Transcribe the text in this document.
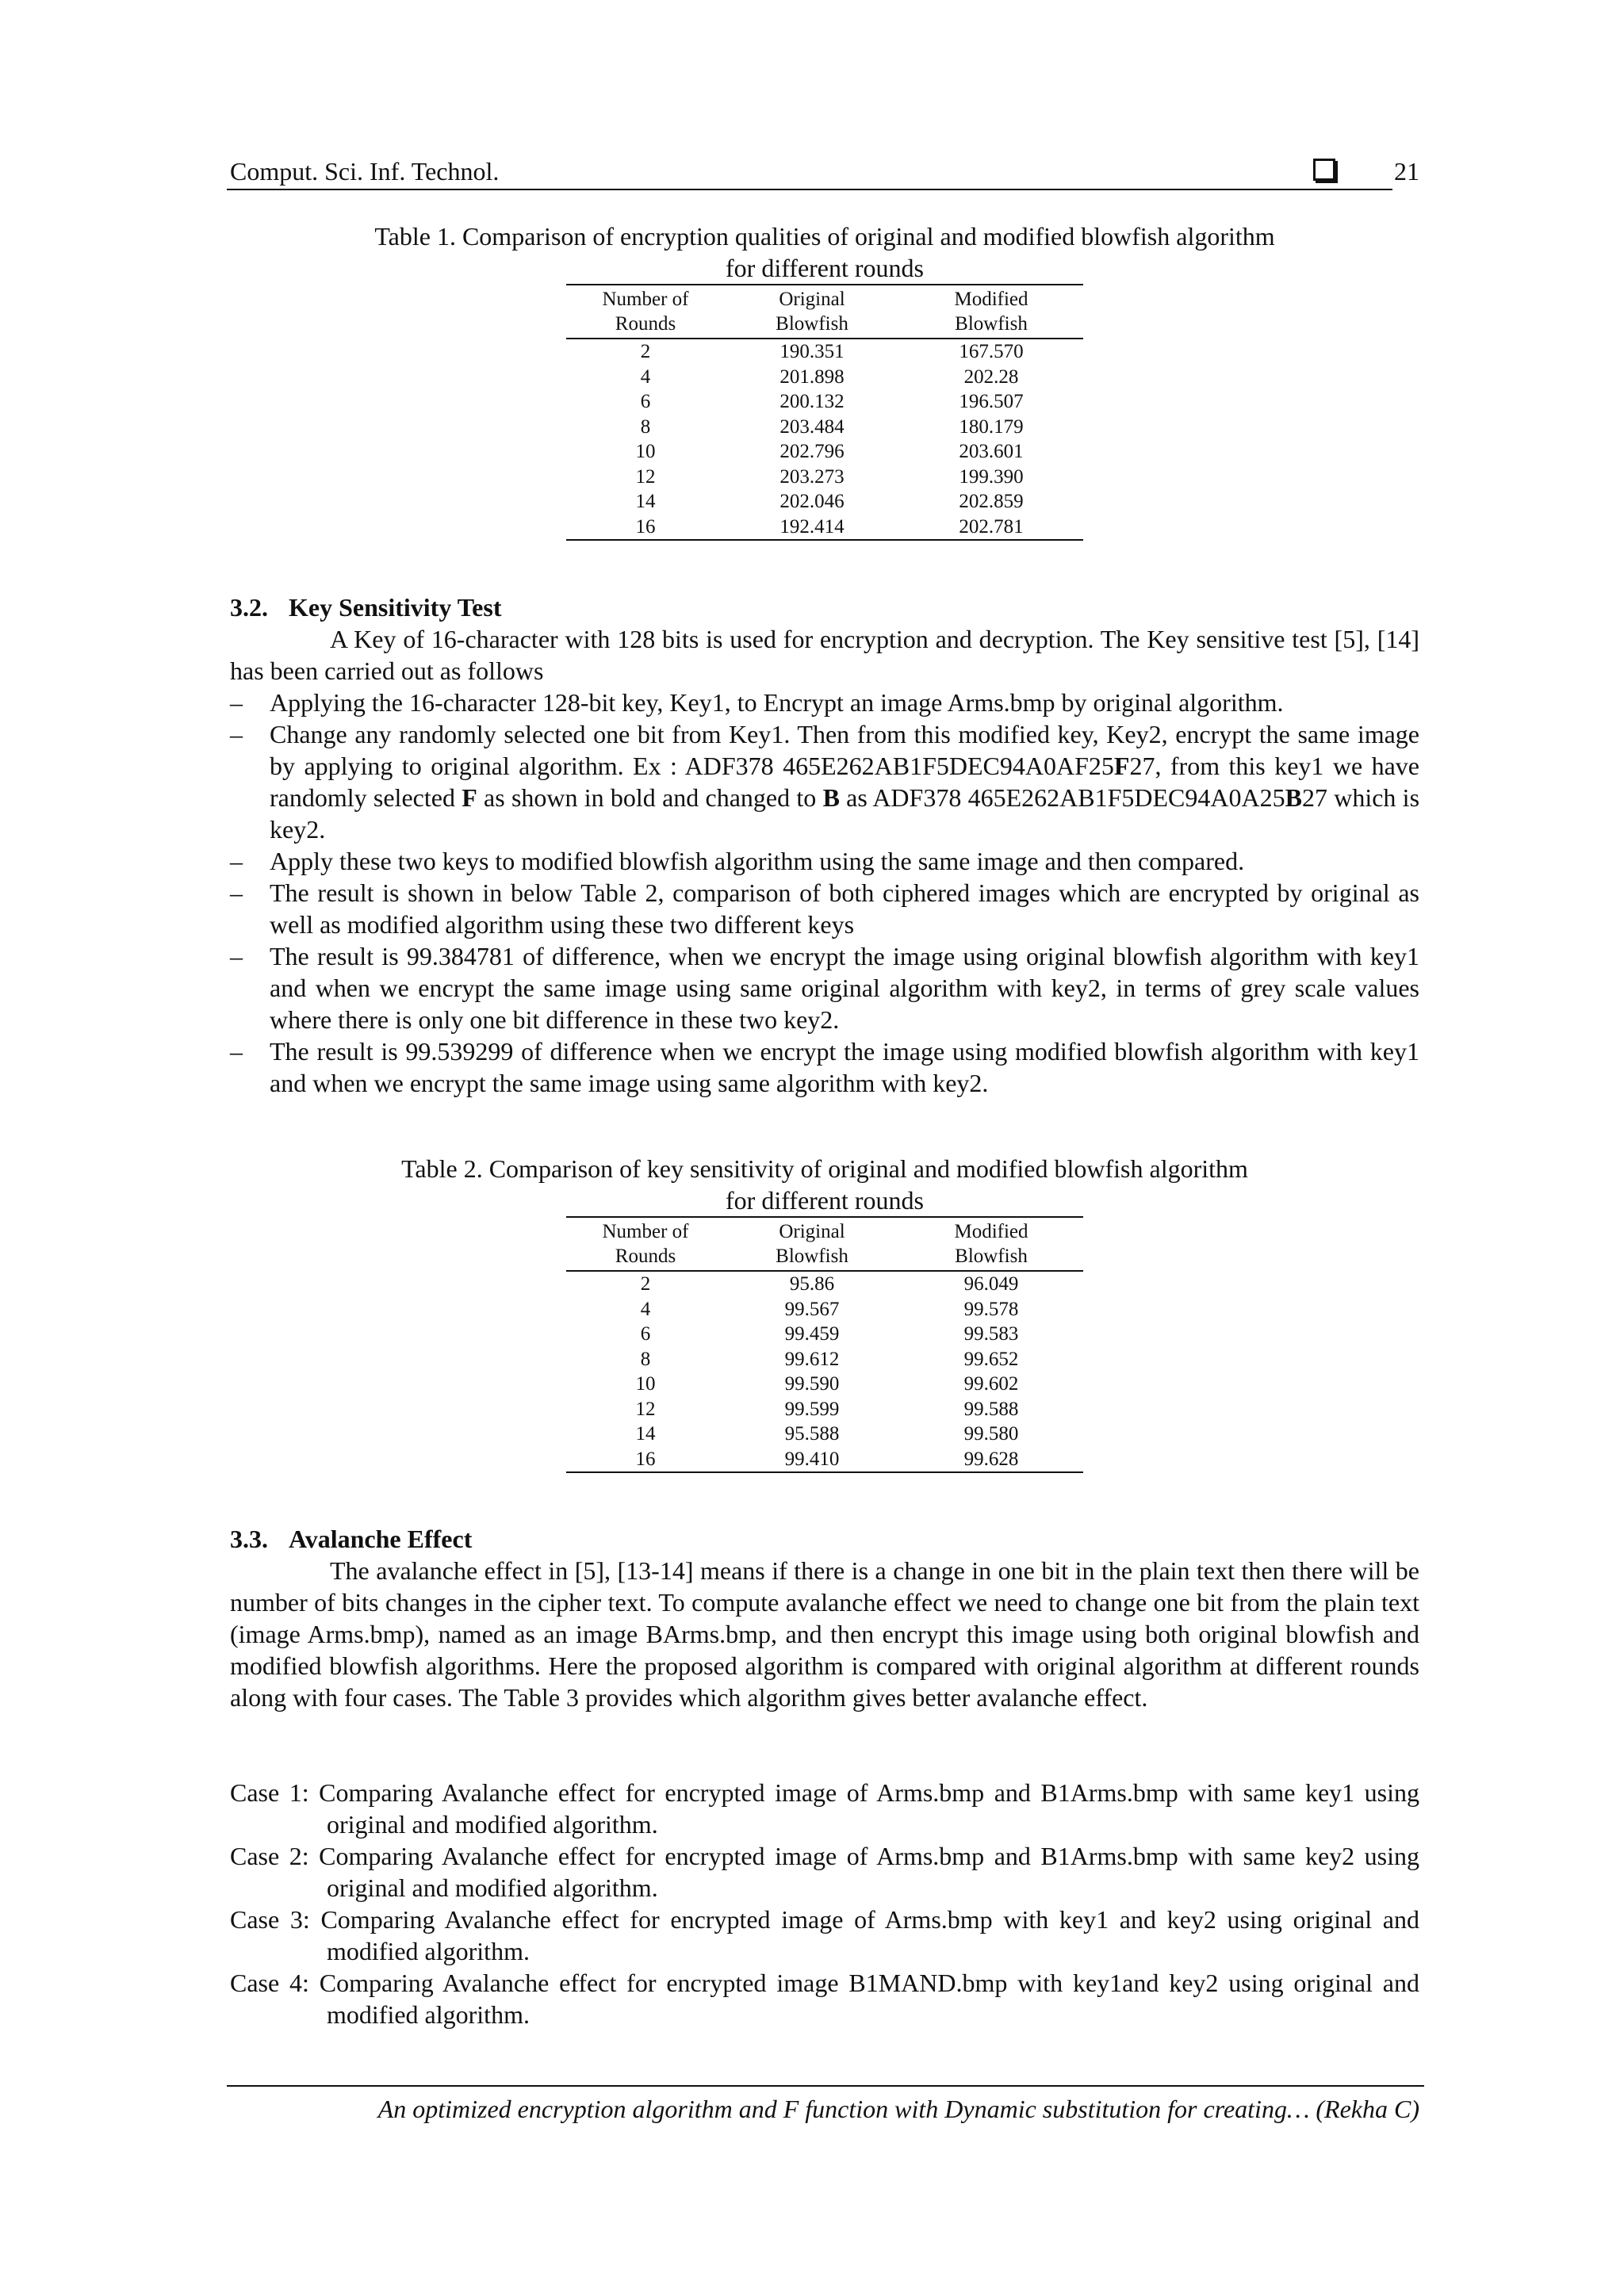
Comput. Sci. Inf. Technol.	21
Table 1. Comparison of encryption qualities of original and modified blowfish algorithm
for different rounds
Number of	Original	Modified
Rounds	Blowfish	Blowfish
2	190.351	167.570
4	201.898	202.28
6	200.132	196.507
8	203.484	180.179
10	202.796	203.601
12	203.273	199.390
14	202.046	202.859
16	192.414	202.781
3.2. Key Sensitivity Test

A Key of 16-character with 128 bits is used for encryption and decryption. The Key sensitive test [5], [14] has been carried out as follows

– Applying the 16-character 128-bit key, Key1, to Encrypt an image Arms.bmp by original algorithm.
– Change any randomly selected one bit from Key1. Then from this modified key, Key2, encrypt the same image by applying to original algorithm. Ex : ADF378 465E262AB1F5DEC94A0AF25F27, from this key1 we have randomly selected F as shown in bold and changed to B as ADF378 465E262AB1F5DEC94A0A25B27 which is key2.
– Apply these two keys to modified blowfish algorithm using the same image and then compared.
– The result is shown in below Table 2, comparison of both ciphered images which are encrypted by original as well as modified algorithm using these two different keys
– The result is 99.384781 of difference, when we encrypt the image using original blowfish algorithm with key1 and when we encrypt the same image using same original algorithm with key2, in terms of grey scale values where there is only one bit difference in these two key2.
– The result is 99.539299 of difference when we encrypt the image using modified blowfish algorithm with key1 and when we encrypt the same image using same algorithm with key2.
Table 2. Comparison of key sensitivity of original and modified blowfish algorithm
for different rounds
Number of	Original	Modified
Rounds	Blowfish	Blowfish
2	95.86	96.049
4	99.567	99.578
6	99.459	99.583
8	99.612	99.652
10	99.590	99.602
12	99.599	99.588
14	95.588	99.580
16	99.410	99.628
3.3. Avalanche Effect

The avalanche effect in [5], [13-14] means if there is a change in one bit in the plain text then there will be number of bits changes in the cipher text. To compute avalanche effect we need to change one bit from the plain text (image Arms.bmp), named as an image BArms.bmp, and then encrypt this image using both original blowfish and modified blowfish algorithms. Here the proposed algorithm is compared with original algorithm at different rounds along with four cases. The Table 3 provides which algorithm gives better avalanche effect.

Case 1: Comparing Avalanche effect for encrypted image of Arms.bmp and B1Arms.bmp with same key1 using original and modified algorithm.
Case 2: Comparing Avalanche effect for encrypted image of Arms.bmp and B1Arms.bmp with same key2 using original and modified algorithm.
Case 3: Comparing Avalanche effect for encrypted image of Arms.bmp with key1 and key2 using original and modified algorithm.
Case 4: Comparing Avalanche effect for encrypted image B1MAND.bmp with key1and key2 using original and modified algorithm.
An optimized encryption algorithm and F function with Dynamic substitution for creating… (Rekha C)
